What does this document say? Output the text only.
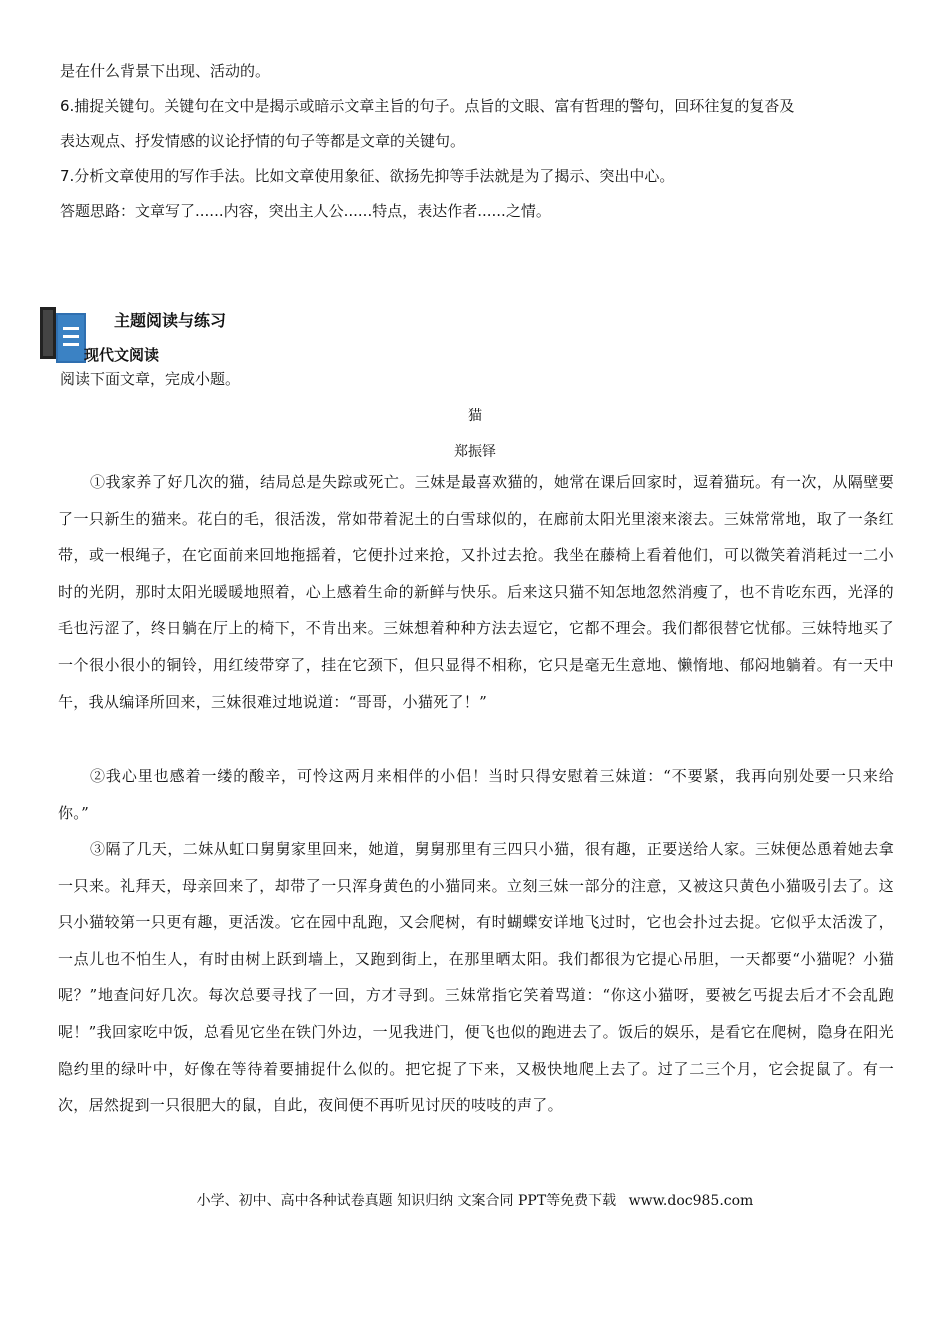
是在什么背景下出现、活动的。
6.捕捉关键句。关键句在文中是揭示或暗示文章主旨的句子。点旨的文眼、富有哲理的警句，回环往复的复沓及
表达观点、抒发情感的议论抒情的句子等都是文章的关键句。
7.分析文章使用的写作手法。比如文章使用象征、欲扬先抑等手法就是为了揭示、突出中心。
答题思路：文章写了......内容，突出主人公......特点，表达作者......之情。
主题阅读与练习
现代文阅读
阅读下面文章，完成小题。
猫
郑振铎
①我家养了好几次的猫，结局总是失踪或死亡。三妹是最喜欢猫的，她常在课后回家时，逗着猫玩。有一次，从隔壁要了一只新生的猫来。花白的毛，很活泼，常如带着泥土的白雪球似的，在廊前太阳光里滚来滚去。三妹常常地，取了一条红带，或一根绳子，在它面前来回地拖摇着，它便扑过来抢，又扑过去抢。我坐在藤椅上看着他们，可以微笑着消耗过一二小时的光阴，那时太阳光暖暖地照着，心上感着生命的新鲜与快乐。后来这只猫不知怎地忽然消瘦了，也不肯吃东西，光泽的毛也污涩了，终日躺在厅上的椅下，不肯出来。三妹想着种种方法去逗它，它都不理会。我们都很替它忧郁。三妹特地买了一个很小很小的铜铃，用红绫带穿了，挂在它颈下，但只显得不相称，它只是毫无生意地、懒惰地、郁闷地躺着。有一天中午，我从编译所回来，三妹很难过地说道：“哥哥，小猫死了！”
②我心里也感着一缕的酸辛，可怜这两月来相伴的小侣！当时只得安慰着三妹道：“不要紧，我再向别处要一只来给你。”
③隔了几天，二妹从虹口舅舅家里回来，她道，舅舅那里有三四只小猫，很有趣，正要送给人家。三妹便怂恿着她去拿一只来。礼拜天，母亲回来了，却带了一只浑身黄色的小猫同来。立刻三妹一部分的注意，又被这只黄色小猫吸引去了。这只小猫较第一只更有趣，更活泼。它在园中乱跑，又会爬树，有时蝴蝶安详地飞过时，它也会扑过去捉。它似乎太活泼了，一点儿也不怕生人，有时由树上跃到墙上，又跑到街上，在那里晒太阳。我们都很为它提心吊胆，一天都要“小猫呢？小猫呢？”地查问好几次。每次总要寻找了一回，方才寻到。三妹常指它笑着骂道：“你这小猫呀，要被乞丐捉去后才不会乱跑呢！”我回家吃中饭，总看见它坐在铁门外边，一见我进门，便飞也似的跑进去了。饭后的娱乐，是看它在爬树，隐身在阳光隐约里的绿叶中，好像在等待着要捕捉什么似的。把它捉了下来，又极快地爬上去了。过了二三个月，它会捉鼠了。有一次，居然捉到一只很肥大的鼠，自此，夜间便不再听见讨厌的吱吱的声了。
小学、初中、高中各种试卷真题 知识归纳 文案合同 PPT等免费下载 www.doc985.com
